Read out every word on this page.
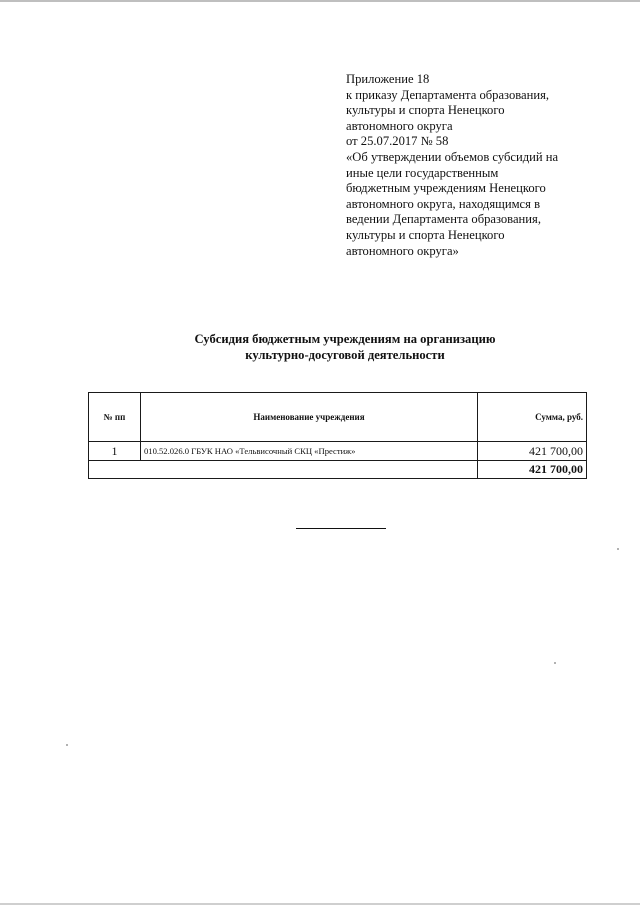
Приложение 18
к приказу Департамента образования,
культуры и спорта Ненецкого
автономного округа
от 25.07.2017 № 58
«Об утверждении объемов субсидий на
иные цели государственным
бюджетным учреждениям Ненецкого
автономного округа, находящимся в
ведении Департамента образования,
культуры и спорта Ненецкого
автономного округа»
Субсидия бюджетным учреждениям на организацию
культурно-досуговой деятельности
№ пп	Наименование учреждения	Сумма, руб.
1	010.52.026.0 ГБУК НАО «Тельвисочный СКЦ «Престиж»	421 700,00
		421 700,00
